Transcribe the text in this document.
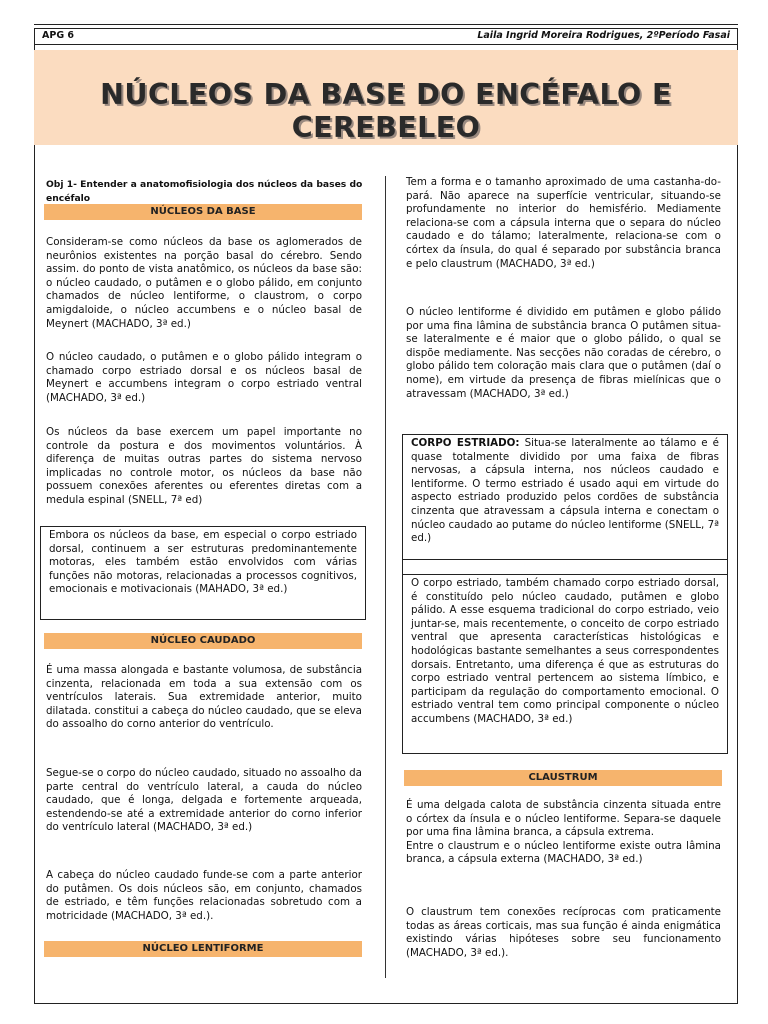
APG 6	Laila Ingrid Moreira Rodrigues, 2ºPeríodo Fasai
NÚCLEOS DA BASE DO ENCÉFALO E CEREBELEO
Obj 1- Entender a anatomofisiologia dos núcleos da bases do encéfalo
NÚCLEOS DA BASE

Consideram-se como núcleos da base os aglomerados de neurônios existentes na porção basal do cérebro. Sendo assim. do ponto de vista anatômico, os núcleos da base são: o núcleo caudado, o putâmen e o globo pálido, em conjunto chamados de núcleo lentiforme, o claustrom, o corpo amigdaloide, o núcleo accumbens e o núcleo basal de Meynert (MACHADO, 3ª ed.)

O núcleo caudado, o putâmen e o globo pálido integram o chamado corpo estriado dorsal e os núcleos basal de Meynert e accumbens integram o corpo estriado ventral (MACHADO, 3ª ed.)

Os núcleos da base exercem um papel importante no controle da postura e dos movimentos voluntários. À diferença de muitas outras partes do sistema nervoso implicadas no controle motor, os núcleos da base não possuem conexões aferentes ou eferentes diretas com a medula espinal (SNELL, 7ª ed)

Embora os núcleos da base, em especial o corpo estriado dorsal, continuem a ser estruturas predominantemente motoras, eles também estão envolvidos com várias funções não motoras, relacionadas a processos cognitivos, emocionais e motivacionais (MAHADO, 3ª ed.)
NÚCLEO CAUDADO

É uma massa alongada e bastante volumosa, de substância cinzenta, relacionada em toda a sua extensão com os ventrículos laterais. Sua extremidade anterior, muito dilatada. constitui a cabeça do núcleo caudado, que se eleva do assoalho do corno anterior do ventrículo.

Segue-se o corpo do núcleo caudado, situado no assoalho da parte central do ventrículo lateral, a cauda do núcleo caudado, que é longa, delgada e fortemente arqueada, estendendo-se até a extremidade anterior do corno inferior do ventrículo lateral (MACHADO, 3ª ed.)

A cabeça do núcleo caudado funde-se com a parte anterior do putâmen. Os dois núcleos são, em conjunto, chamados de estriado, e têm funções relacionadas sobretudo com a motricidade (MACHADO, 3ª ed.).

NÚCLEO LENTIFORME

Tem a forma e o tamanho aproximado de uma castanha-do-pará. Não aparece na superfície ventricular, situando-se profundamente no interior do hemisfério. Mediamente relaciona-se com a cápsula interna que o separa do núcleo caudado e do tálamo; lateralmente, relaciona-se com o córtex da ínsula, do qual é separado por substância branca e pelo claustrum (MACHADO, 3ª ed.)

O núcleo lentiforme é dividido em putâmen e globo pálido por uma fina lâmina de substância branca O putâmen situa-se lateralmente e é maior que o globo pálido, o qual se dispõe mediamente. Nas secções não coradas de cérebro, o globo pálido tem coloração mais clara que o putâmen (daí o nome), em virtude da presença de fibras mielínicas que o atravessam (MACHADO, 3ª ed.)

CORPO ESTRIADO: Situa-se lateralmente ao tálamo e é quase totalmente dividido por uma faixa de fibras nervosas, a cápsula interna, nos núcleos caudado e lentiforme. O termo estriado é usado aqui em virtude do aspecto estriado produzido pelos cordões de substância cinzenta que atravessam a cápsula interna e conectam o núcleo caudado ao putame do núcleo lentiforme (SNELL, 7ª ed.)
O corpo estriado, também chamado corpo estriado dorsal, é constituído pelo núcleo caudado, putâmen e globo pálido. A esse esquema tradicional do corpo estriado, veio juntar-se, mais recentemente, o conceito de corpo estriado ventral que apresenta características histológicas e hodológicas bastante semelhantes a seus correspondentes dorsais. Entretanto, uma diferença é que as estruturas do corpo estriado ventral pertencem ao sistema límbico, e participam da regulação do comportamento emocional. O estriado ventral tem como principal componente o núcleo accumbens (MACHADO, 3ª ed.)
CLAUSTRUM

É uma delgada calota de substância cinzenta situada entre o córtex da ínsula e o núcleo lentiforme. Separa-se daquele por uma fina lâmina branca, a cápsula extrema.

Entre o claustrum e o núcleo lentiforme existe outra lâmina branca, a cápsula externa (MACHADO, 3ª ed.)

O claustrum tem conexões recíprocas com praticamente todas as áreas corticais, mas sua função é ainda enigmática existindo várias hipóteses sobre seu funcionamento (MACHADO, 3ª ed.).
